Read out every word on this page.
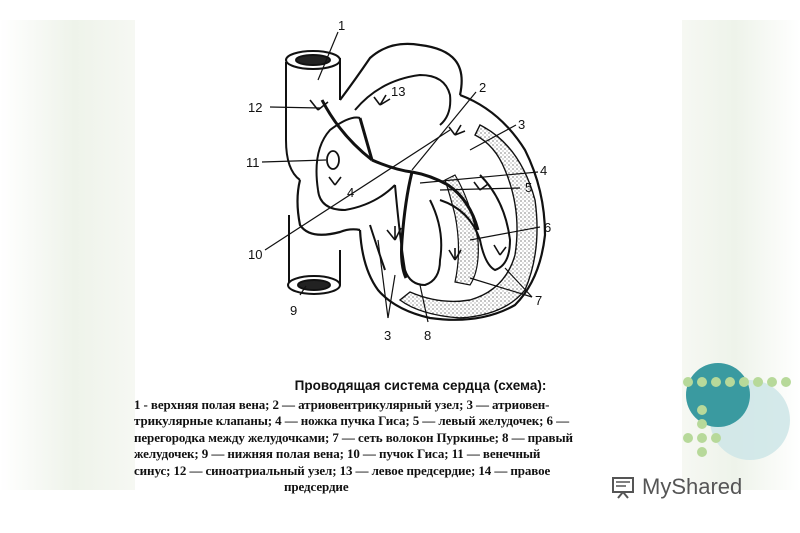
1
12
13
11
4
10
9
2
3
4
5
6
7
3	8
Проводящая система сердца (схема):
1 - верхняя полая вена; 2 — атриовентрикулярный узел; 3 — атриовен-
трикулярные клапаны; 4 — ножка пучка Гиса; 5 — левый желудочек; 6 —
перегородка между желудочками; 7 — сеть волокон Пуркинье; 8 — правый
желудочек; 9 — нижняя полая вена; 10 — пучок Гиса; 11 — венечный
синус; 12 — синоатриальный узел; 13 — левое предсердие; 14 — правое
предсердие	MyShared
